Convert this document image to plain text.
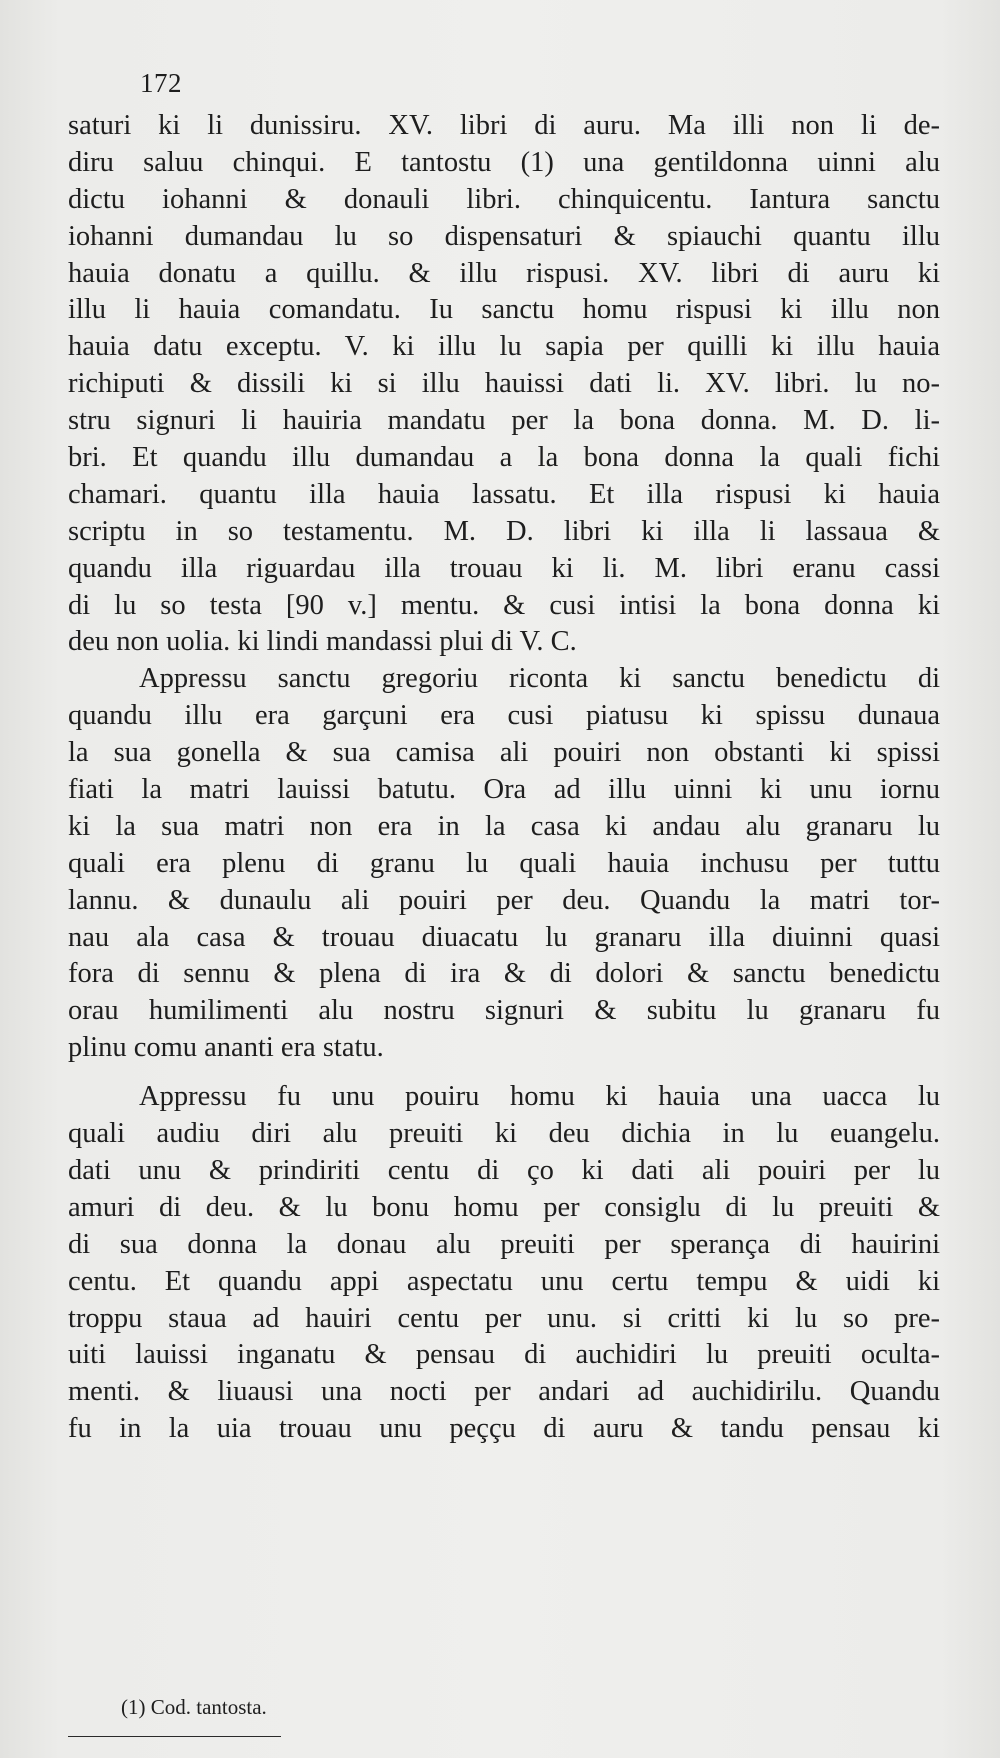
172
saturi ki li dunissiru. XV. libri di auru. Ma illi non li de-
diru saluu chinqui. E tantostu (1) una gentildonna uinni alu
dictu iohanni & donauli libri. chinquicentu. Iantura sanctu
iohanni dumandau lu so dispensaturi & spiauchi quantu illu
hauia donatu a quillu. & illu rispusi. XV. libri di auru ki
illu li hauia comandatu. Iu sanctu homu rispusi ki illu non
hauia datu exceptu. V. ki illu lu sapia per quilli ki illu hauia
richiputi & dissili ki si illu hauissi dati li. XV. libri. lu no-
stru signuri li hauiria mandatu per la bona donna. M. D. li-
bri. Et quandu illu dumandau a la bona donna la quali fichi
chamari. quantu illa hauia lassatu. Et illa rispusi ki hauia
scriptu in so testamentu. M. D. libri ki illa li lassaua &
quandu illa riguardau illa trouau ki li. M. libri eranu cassi
di lu so testa [90 v.] mentu. & cusi intisi la bona donna ki
deu non uolia. ki lindi mandassi plui di V. C.
Appressu sanctu gregoriu riconta ki sanctu benedictu di
quandu illu era garçuni era cusi piatusu ki spissu dunaua
la sua gonella & sua camisa ali pouiri non obstanti ki spissi
fiati la matri lauissi batutu. Ora ad illu uinni ki unu iornu
ki la sua matri non era in la casa ki andau alu granaru lu
quali era plenu di granu lu quali hauia inchusu per tuttu
lannu. & dunaulu ali pouiri per deu. Quandu la matri tor-
nau ala casa & trouau diuacatu lu granaru illa diuinni quasi
fora di sennu & plena di ira & di dolori & sanctu benedictu
orau humilimenti alu nostru signuri & subitu lu granaru fu
plinu comu ananti era statu.
Appressu fu unu pouiru homu ki hauia una uacca lu
quali audiu diri alu preuiti ki deu dichia in lu euangelu.
dati unu & prindiriti centu di ço ki dati ali pouiri per lu
amuri di deu. & lu bonu homu per consiglu di lu preuiti &
di sua donna la donau alu preuiti per sperança di hauirini
centu. Et quandu appi aspectatu unu certu tempu & uidi ki
troppu staua ad hauiri centu per unu. si critti ki lu so pre-
uiti lauissi inganatu & pensau di auchidiri lu preuiti oculta-
menti. & liuausi una nocti per andari ad auchidirilu. Quandu
fu in la uia trouau unu peççu di auru & tandu pensau ki
(1) Cod. tantosta.
